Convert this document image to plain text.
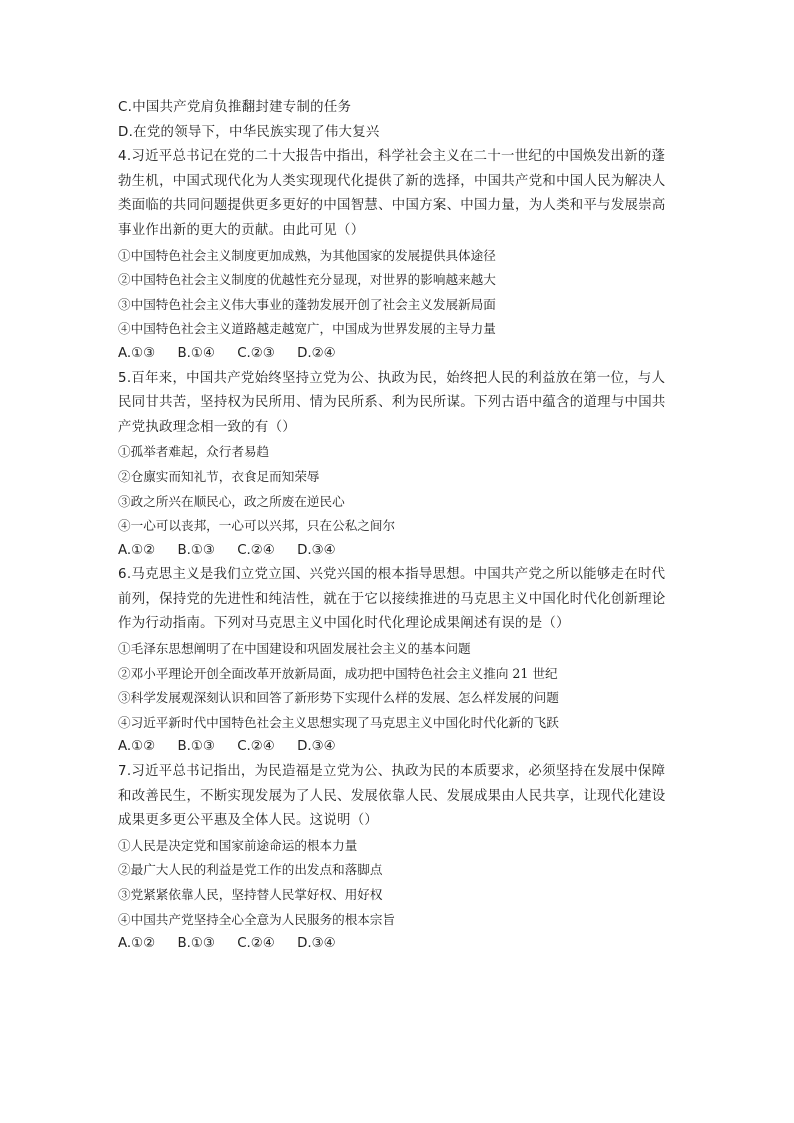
C.中国共产党肩负推翻封建专制的任务
D.在党的领导下，中华民族实现了伟大复兴
4.习近平总书记在党的二十大报告中指出，科学社会主义在二十一世纪的中国焕发出新的蓬
勃生机，中国式现代化为人类实现现代化提供了新的选择，中国共产党和中国人民为解决人
类面临的共同问题提供更多更好的中国智慧、中国方案、中国力量，为人类和平与发展崇高
事业作出新的更大的贡献。由此可见（）
①中国特色社会主义制度更加成熟，为其他国家的发展提供具体途径
②中国特色社会主义制度的优越性充分显现，对世界的影响越来越大
③中国特色社会主义伟大事业的蓬勃发展开创了社会主义发展新局面
④中国特色社会主义道路越走越宽广，中国成为世界发展的主导力量
A.①③ B.①④ C.②③ D.②④
5.百年来，中国共产党始终坚持立党为公、执政为民，始终把人民的利益放在第一位，与人
民同甘共苦，坚持权为民所用、情为民所系、利为民所谋。下列古语中蕴含的道理与中国共
产党执政理念相一致的有（）
①孤举者难起，众行者易趋
②仓廪实而知礼节，衣食足而知荣辱
③政之所兴在顺民心，政之所废在逆民心
④一心可以丧邦，一心可以兴邦，只在公私之间尔
A.①② B.①③ C.②④ D.③④
6.马克思主义是我们立党立国、兴党兴国的根本指导思想。中国共产党之所以能够走在时代
前列，保持党的先进性和纯洁性，就在于它以接续推进的马克思主义中国化时代化创新理论
作为行动指南。下列对马克思主义中国化时代化理论成果阐述有误的是（）
①毛泽东思想阐明了在中国建设和巩固发展社会主义的基本问题
②邓小平理论开创全面改革开放新局面，成功把中国特色社会主义推向 21 世纪
③科学发展观深刻认识和回答了新形势下实现什么样的发展、怎么样发展的问题
④习近平新时代中国特色社会主义思想实现了马克思主义中国化时代化新的飞跃
A.①② B.①③ C.②④ D.③④
7.习近平总书记指出，为民造福是立党为公、执政为民的本质要求，必须坚持在发展中保障
和改善民生，不断实现发展为了人民、发展依靠人民、发展成果由人民共享，让现代化建设
成果更多更公平惠及全体人民。这说明（）
①人民是决定党和国家前途命运的根本力量
②最广大人民的利益是党工作的出发点和落脚点
③党紧紧依靠人民，坚持替人民掌好权、用好权
④中国共产党坚持全心全意为人民服务的根本宗旨
A.①② B.①③ C.②④ D.③④
